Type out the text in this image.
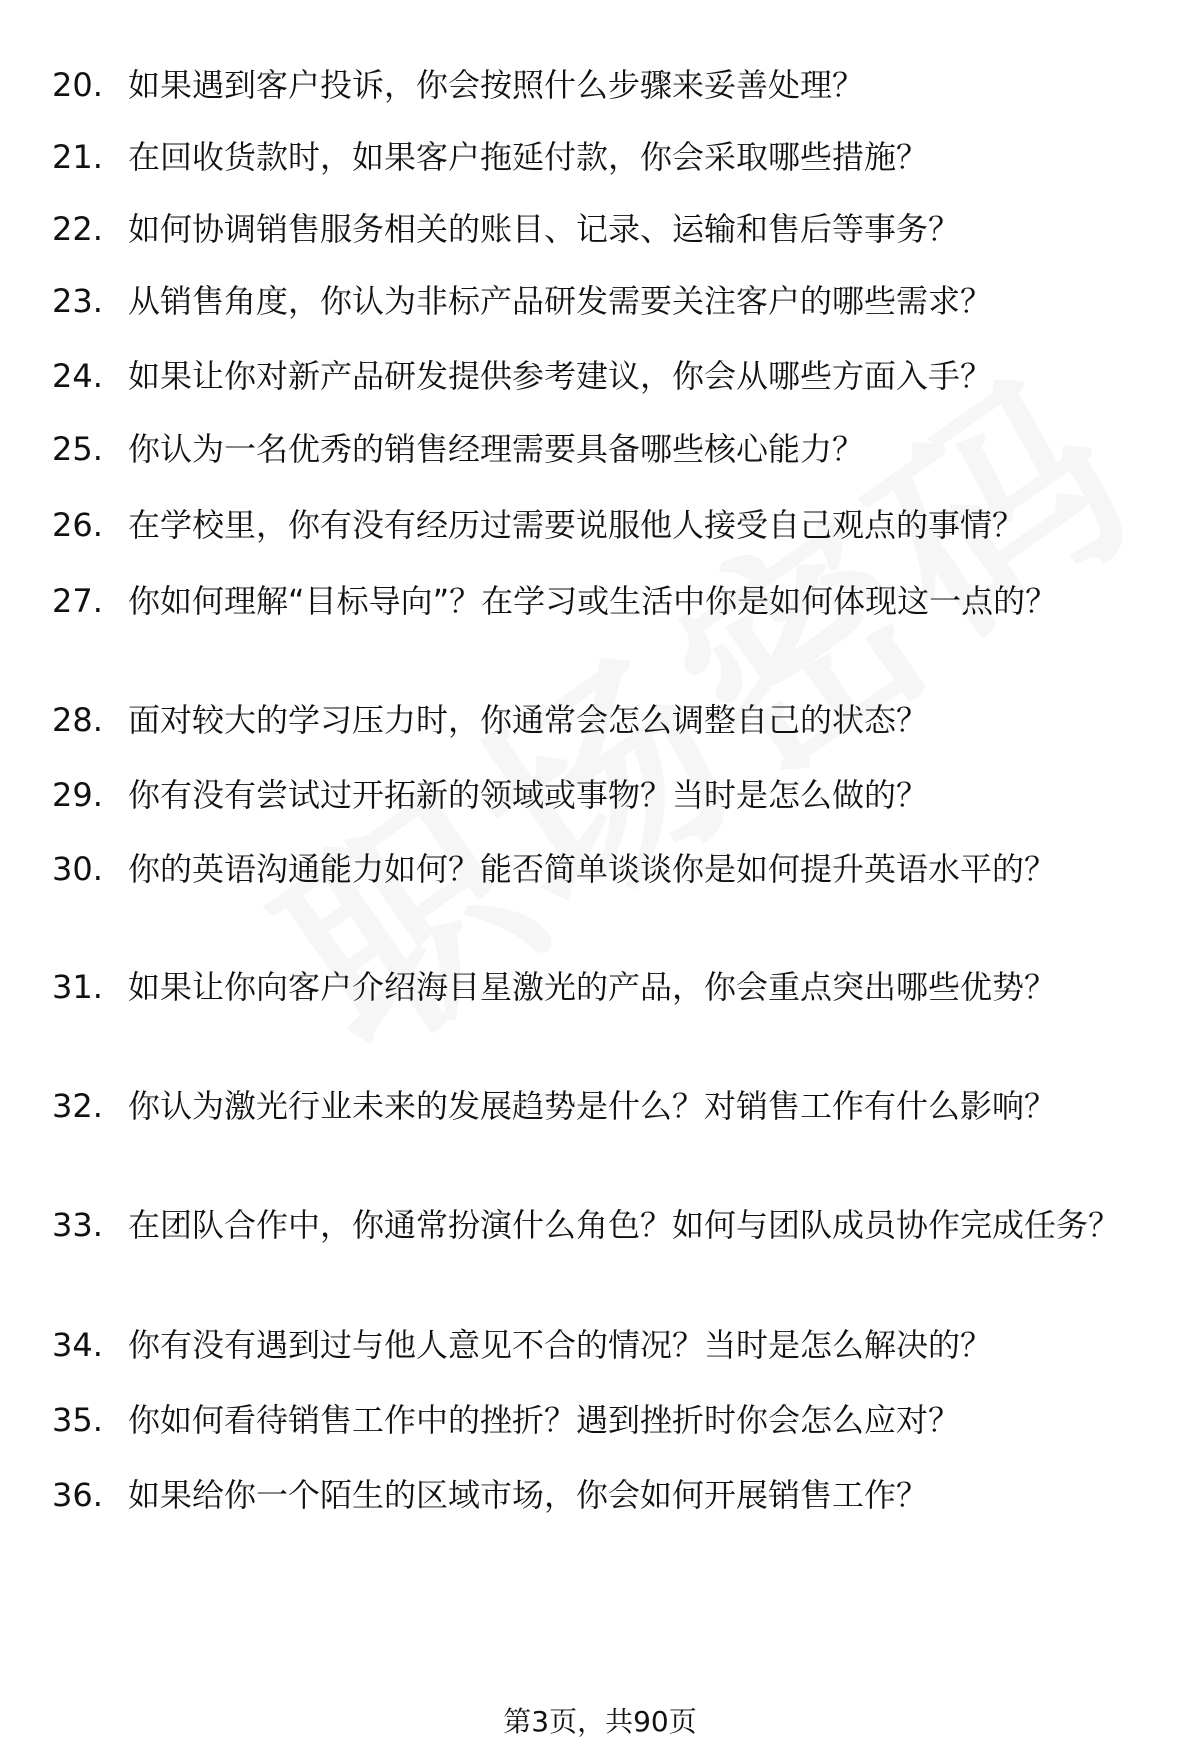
20. 如果遇到客户投诉，你会按照什么步骤来妥善处理？
21. 在回收货款时，如果客户拖延付款，你会采取哪些措施？
22. 如何协调销售服务相关的账目、记录、运输和售后等事务？
23. 从销售角度，你认为非标产品研发需要关注客户的哪些需求？
24. 如果让你对新产品研发提供参考建议，你会从哪些方面入手？
25. 你认为一名优秀的销售经理需要具备哪些核心能力？
26. 在学校里，你有没有经历过需要说服他人接受自己观点的事情？
27. 你如何理解“目标导向”？在学习或生活中你是如何体现这一点的？
28. 面对较大的学习压力时，你通常会怎么调整自己的状态？
29. 你有没有尝试过开拓新的领域或事物？当时是怎么做的？
30. 你的英语沟通能力如何？能否简单谈谈你是如何提升英语水平的？
31. 如果让你向客户介绍海目星激光的产品，你会重点突出哪些优势？
32. 你认为激光行业未来的发展趋势是什么？对销售工作有什么影响？
33. 在团队合作中，你通常扮演什么角色？如何与团队成员协作完成任务？
34. 你有没有遇到过与他人意见不合的情况？当时是怎么解决的？
35. 你如何看待销售工作中的挫折？遇到挫折时你会怎么应对？
36. 如果给你一个陌生的区域市场，你会如何开展销售工作？
第3页，共90页
